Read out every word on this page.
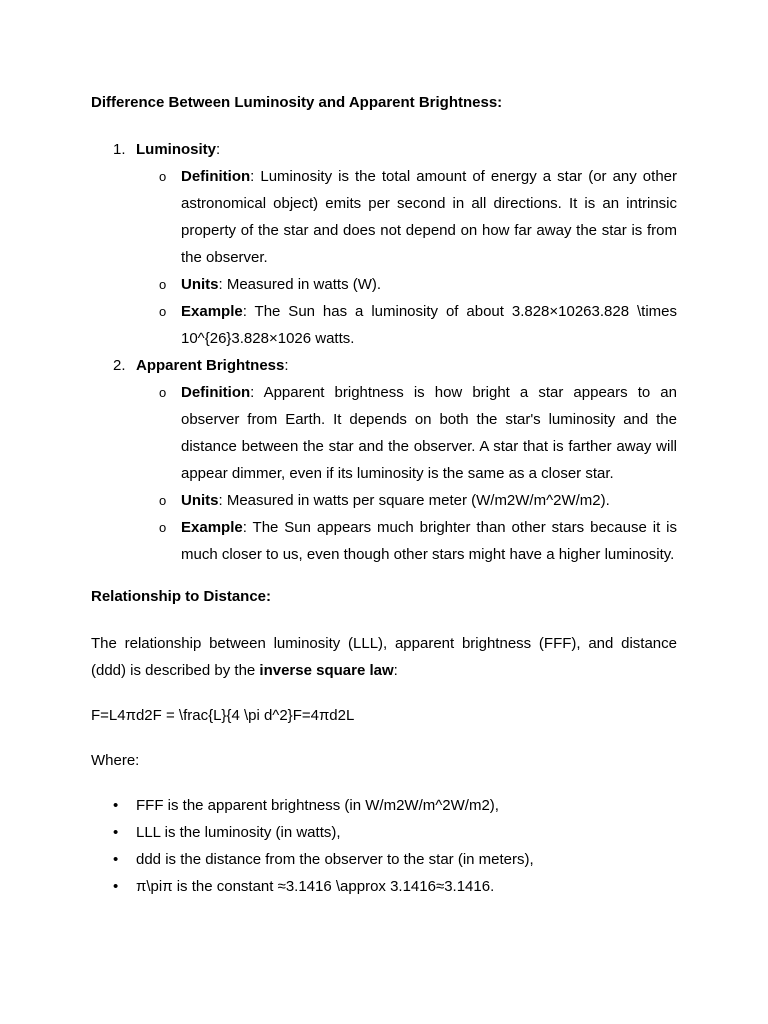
Difference Between Luminosity and Apparent Brightness:

1. Luminosity:
o Definition: Luminosity is the total amount of energy a star (or any other astronomical object) emits per second in all directions. It is an intrinsic property of the star and does not depend on how far away the star is from the observer.
o Units: Measured in watts (W).
o Example: The Sun has a luminosity of about 3.828×10263.828 \times 10^{26}3.828×1026 watts.
2. Apparent Brightness:
o Definition: Apparent brightness is how bright a star appears to an observer from Earth. It depends on both the star's luminosity and the distance between the star and the observer. A star that is farther away will appear dimmer, even if its luminosity is the same as a closer star.
o Units: Measured in watts per square meter (W/m2W/m^2W/m2).
o Example: The Sun appears much brighter than other stars because it is much closer to us, even though other stars might have a higher luminosity.

Relationship to Distance:

The relationship between luminosity (LLL), apparent brightness (FFF), and distance (ddd) is described by the inverse square law:

F=L4πd2F = \frac{L}{4 \pi d^2}F=4πd2L

Where:

• FFF is the apparent brightness (in W/m2W/m^2W/m2),
• LLL is the luminosity (in watts),
• ddd is the distance from the observer to the star (in meters),
• π\piπ is the constant ≈3.1416 \approx 3.1416≈3.1416.
